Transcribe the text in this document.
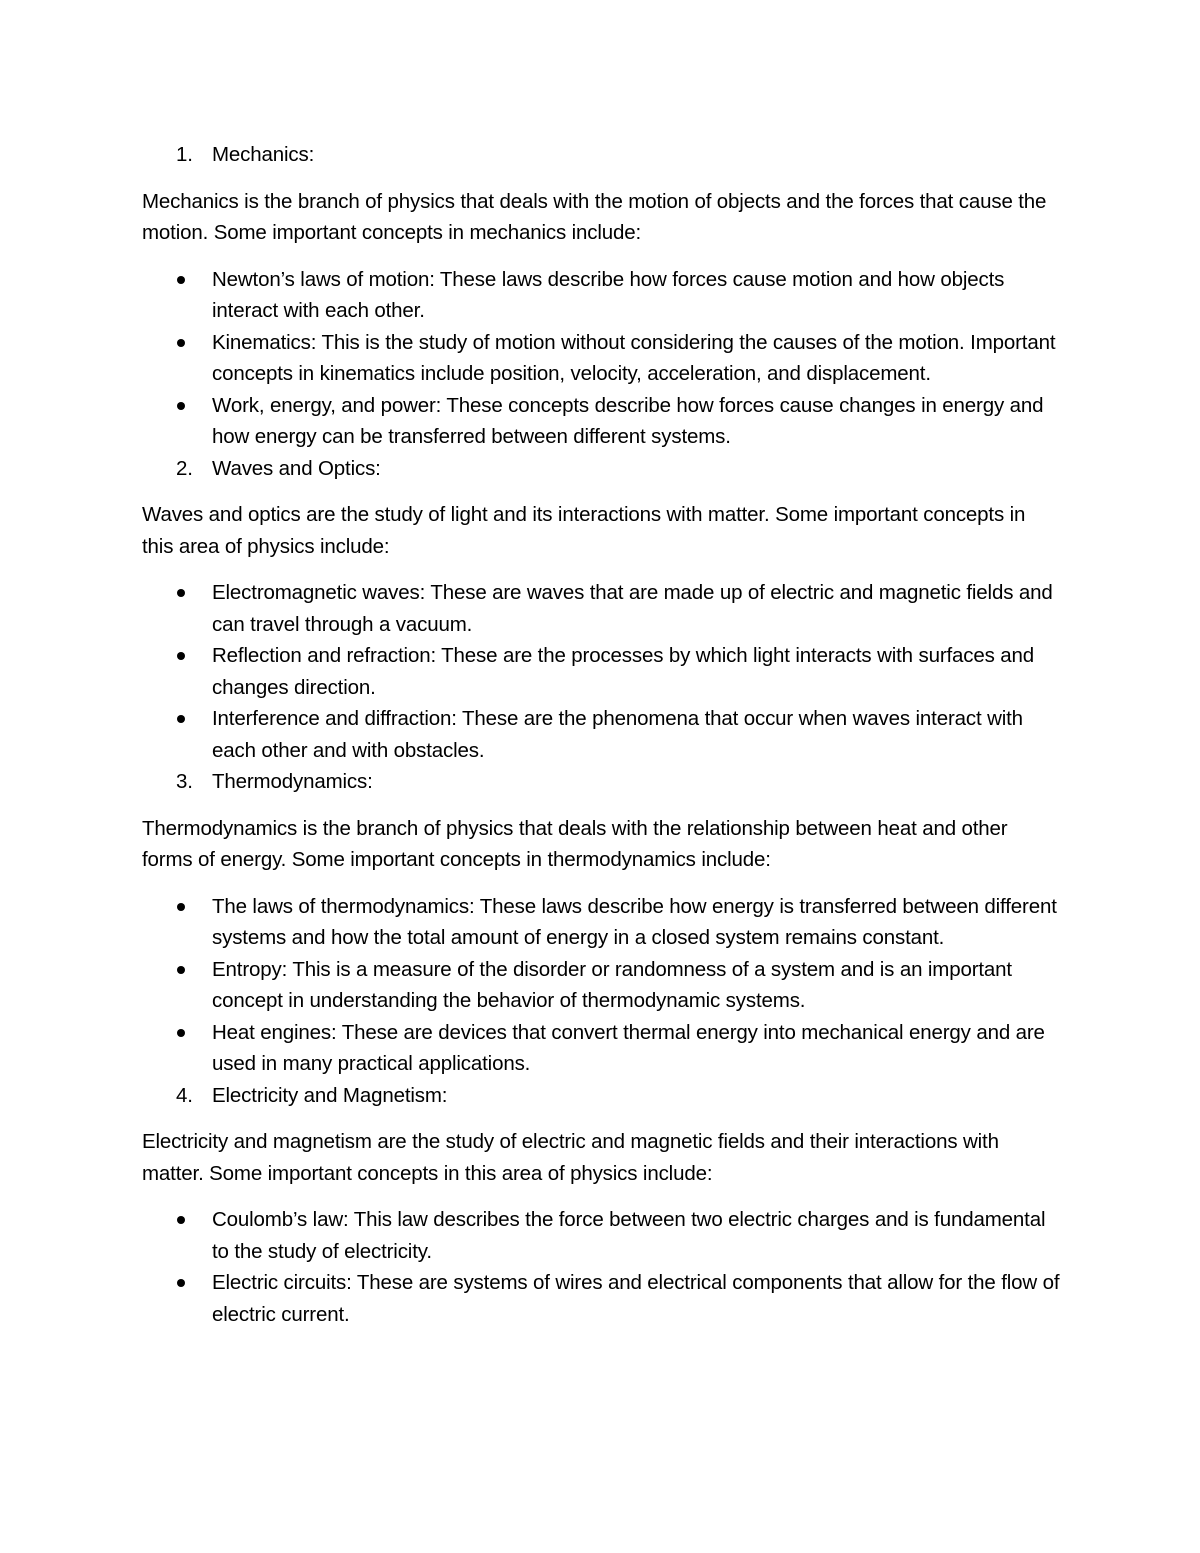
1. Mechanics:

Mechanics is the branch of physics that deals with the motion of objects and the forces that cause the motion. Some important concepts in mechanics include:

Newton’s laws of motion: These laws describe how forces cause motion and how objects interact with each other.
Kinematics: This is the study of motion without considering the causes of the motion. Important concepts in kinematics include position, velocity, acceleration, and displacement.
Work, energy, and power: These concepts describe how forces cause changes in energy and how energy can be transferred between different systems.

2. Waves and Optics:

Waves and optics are the study of light and its interactions with matter. Some important concepts in this area of physics include:

Electromagnetic waves: These are waves that are made up of electric and magnetic fields and can travel through a vacuum.
Reflection and refraction: These are the processes by which light interacts with surfaces and changes direction.
Interference and diffraction: These are the phenomena that occur when waves interact with each other and with obstacles.

3. Thermodynamics:

Thermodynamics is the branch of physics that deals with the relationship between heat and other forms of energy. Some important concepts in thermodynamics include:

The laws of thermodynamics: These laws describe how energy is transferred between different systems and how the total amount of energy in a closed system remains constant.
Entropy: This is a measure of the disorder or randomness of a system and is an important concept in understanding the behavior of thermodynamic systems.
Heat engines: These are devices that convert thermal energy into mechanical energy and are used in many practical applications.

4. Electricity and Magnetism:

Electricity and magnetism are the study of electric and magnetic fields and their interactions with matter. Some important concepts in this area of physics include:

Coulomb’s law: This law describes the force between two electric charges and is fundamental to the study of electricity.
Electric circuits: These are systems of wires and electrical components that allow for the flow of electric current.
